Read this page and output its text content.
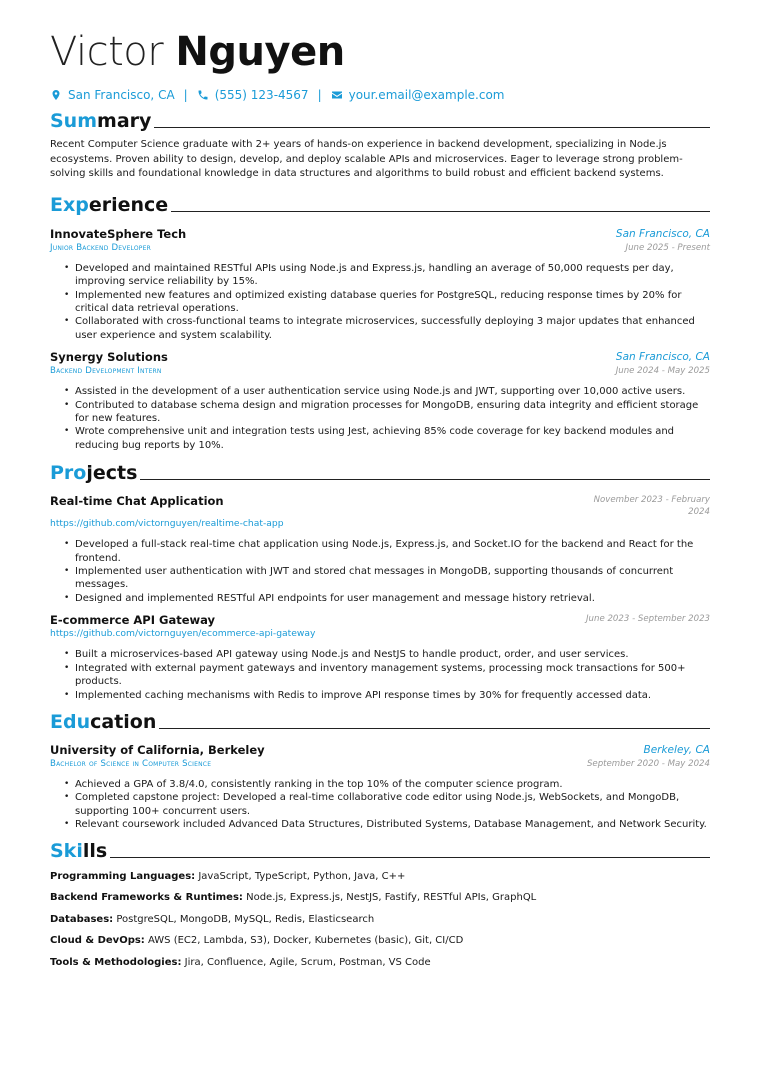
Victor Nguyen
San Francisco, CA | (555) 123-4567 | your.email@example.com
Summary

Recent Computer Science graduate with 2+ years of hands-on experience in backend development, specializing in Node.js ecosystems. Proven ability to design, develop, and deploy scalable APIs and microservices. Eager to leverage strong problem-solving skills and foundational knowledge in data structures and algorithms to build robust and efficient backend systems.

Experience
InnovateSphere Tech	San Francisco, CA
Junior Backend Developer	June 2025 - Present
• Developed and maintained RESTful APIs using Node.js and Express.js, handling an average of 50,000 requests per day, improving service reliability by 15%.
• Implemented new features and optimized existing database queries for PostgreSQL, reducing response times by 20% for critical data retrieval operations.
• Collaborated with cross-functional teams to integrate microservices, successfully deploying 3 major updates that enhanced user experience and system scalability.
Synergy Solutions	San Francisco, CA
Backend Development Intern	June 2024 - May 2025
• Assisted in the development of a user authentication service using Node.js and JWT, supporting over 10,000 active users.
• Contributed to database schema design and migration processes for MongoDB, ensuring data integrity and efficient storage for new features.
• Wrote comprehensive unit and integration tests using Jest, achieving 85% code coverage for key backend modules and reducing bug reports by 10%.
Projects
Real-time Chat Application	November 2023 - February 2024
https://github.com/victornguyen/realtime-chat-app
• Developed a full-stack real-time chat application using Node.js, Express.js, and Socket.IO for the backend and React for the frontend.
• Implemented user authentication with JWT and stored chat messages in MongoDB, supporting thousands of concurrent messages.
• Designed and implemented RESTful API endpoints for user management and message history retrieval.
E-commerce API Gateway	June 2023 - September 2023
https://github.com/victornguyen/ecommerce-api-gateway
• Built a microservices-based API gateway using Node.js and NestJS to handle product, order, and user services.
• Integrated with external payment gateways and inventory management systems, processing mock transactions for 500+ products.
• Implemented caching mechanisms with Redis to improve API response times by 30% for frequently accessed data.
Education
University of California, Berkeley	Berkeley, CA
Bachelor of Science in Computer Science	September 2020 - May 2024
• Achieved a GPA of 3.8/4.0, consistently ranking in the top 10% of the computer science program.
• Completed capstone project: Developed a real-time collaborative code editor using Node.js, WebSockets, and MongoDB, supporting 100+ concurrent users.
• Relevant coursework included Advanced Data Structures, Distributed Systems, Database Management, and Network Security.
Skills
Programming Languages: JavaScript, TypeScript, Python, Java, C++
Backend Frameworks & Runtimes: Node.js, Express.js, NestJS, Fastify, RESTful APIs, GraphQL
Databases: PostgreSQL, MongoDB, MySQL, Redis, Elasticsearch
Cloud & DevOps: AWS (EC2, Lambda, S3), Docker, Kubernetes (basic), Git, CI/CD
Tools & Methodologies: Jira, Confluence, Agile, Scrum, Postman, VS Code
